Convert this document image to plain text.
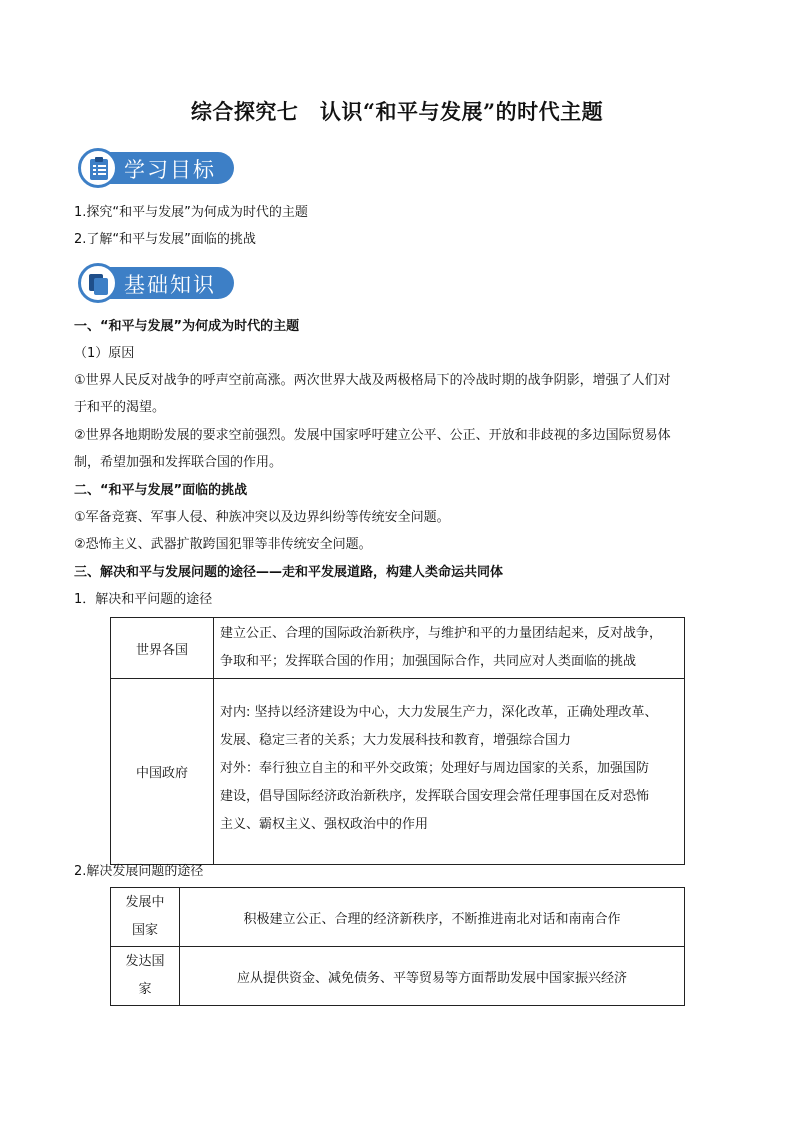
综合探究七　认识“和平与发展”的时代主题
学习目标
1.探究“和平与发展”为何成为时代的主题
2.了解“和平与发展”面临的挑战
基础知识
一、“和平与发展”为何成为时代的主题
（1）原因
①世界人民反对战争的呼声空前高涨。两次世界大战及两极格局下的冷战时期的战争阴影，增强了人们对
于和平的渴望。
②世界各地期盼发展的要求空前强烈。发展中国家呼吁建立公平、公正、开放和非歧视的多边国际贸易体
制，希望加强和发挥联合国的作用。
二、“和平与发展”面临的挑战
①军备竞赛、军事人侵、种族冲突以及边界纠纷等传统安全问题。
②恐怖主义、武器扩散跨国犯罪等非传统安全问题。
三、解决和平与发展问题的途径——走和平发展道路，构建人类命运共同体
1．解决和平问题的途径
世界各国	建立公正、合理的国际政治新秩序，与维护和平的力量团结起来，反对战争，
争取和平；发挥联合国的作用；加强国际合作，共同应对人类面临的挑战

中国政府	对内: 坚持以经济建设为中心，大力发展生产力，深化改革，正确处理改革、
发展、稳定三者的关系；大力发展科技和教育，增强综合国力
对外：奉行独立自主的和平外交政策；处理好与周边国家的关系，加强国防
建设，倡导国际经济政治新秩序，发挥联合国安理会常任理事国在反对恐怖
主义、霸权主义、强权政治中的作用
2.解决发展问题的途径
发展中
国家	积极建立公正、合理的经济新秩序，不断推进南北对话和南南合作

发达国
家	应从提供资金、减免债务、平等贸易等方面帮助发展中国家振兴经济
